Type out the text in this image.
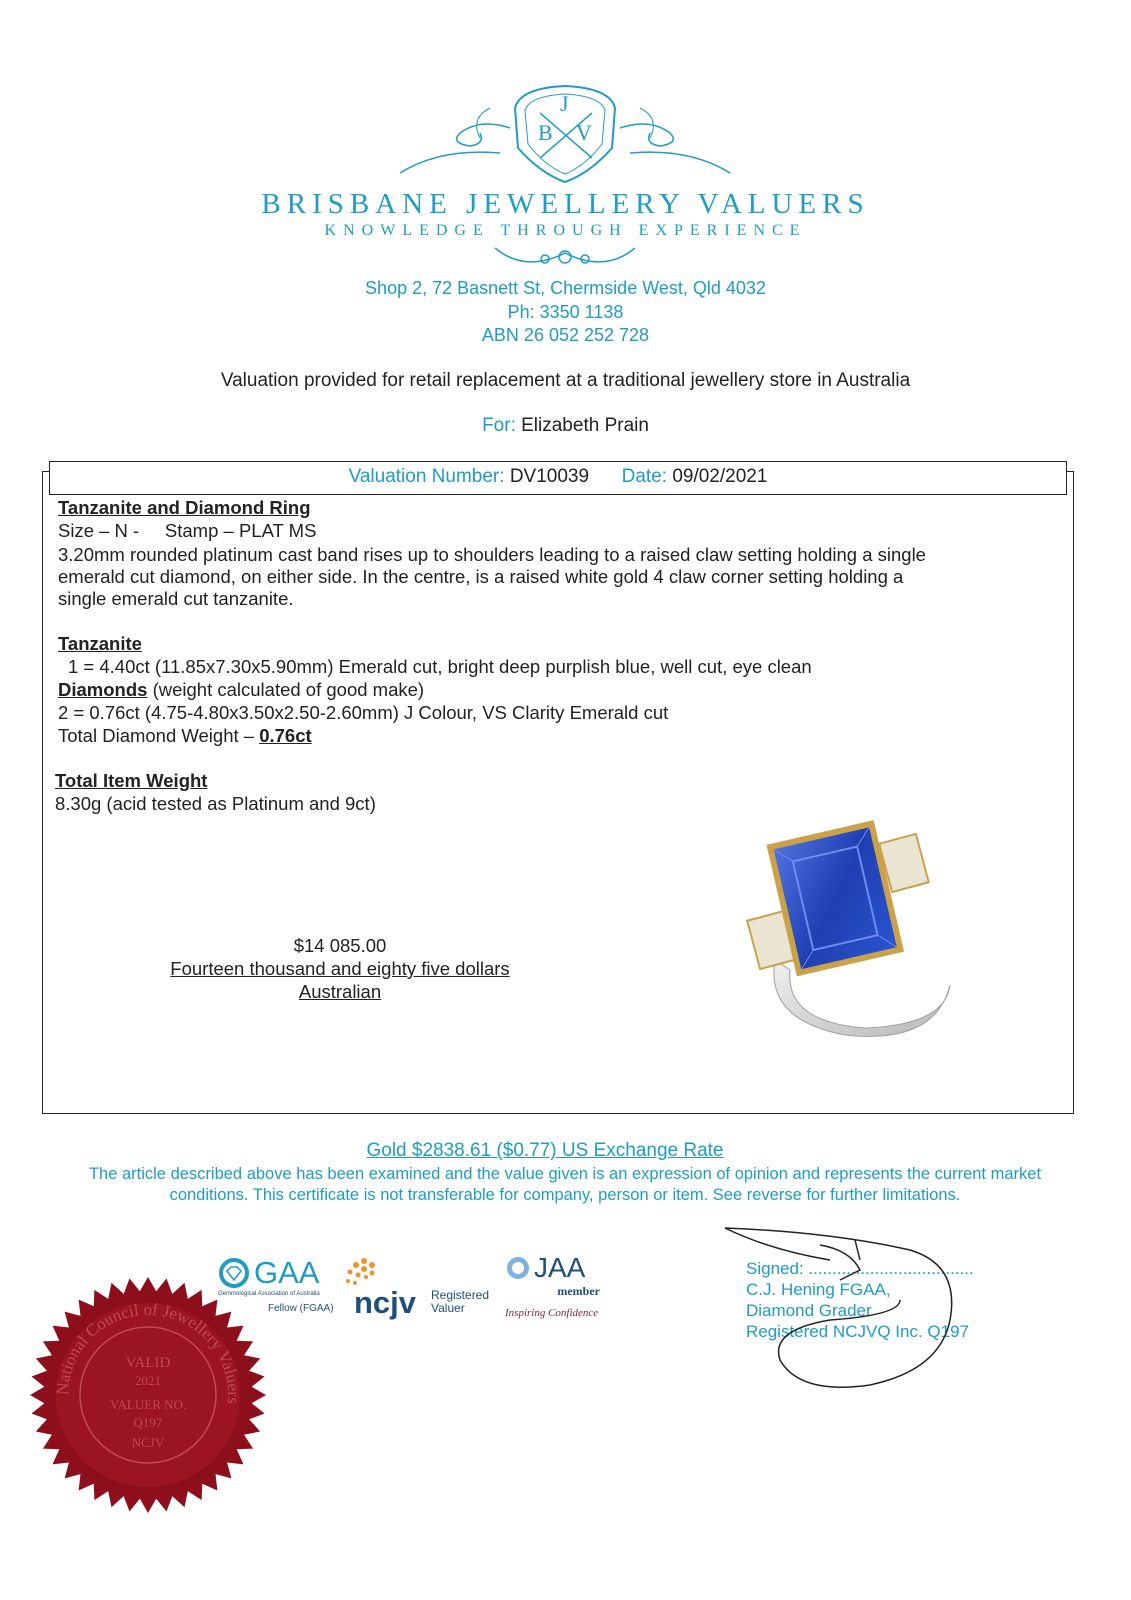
J
B V
BRISBANE JEWELLERY VALUERS
KNOWLEDGE THROUGH EXPERIENCE
Shop 2, 72 Basnett St, Chermside West, Qld 4032
Ph: 3350 1138
ABN 26 052 252 728
Valuation provided for retail replacement at a traditional jewellery store in Australia
For: Elizabeth Prain
Valuation Number: DV10039 Date: 09/02/2021
Tanzanite and Diamond Ring
Size – N -     Stamp – PLAT MS
3.20mm rounded platinum cast band rises up to shoulders leading to a raised claw setting holding a single
emerald cut diamond, on either side. In the centre, is a raised white gold 4 claw corner setting holding a
single emerald cut tanzanite.
Tanzanite
1 = 4.40ct (11.85x7.30x5.90mm) Emerald cut, bright deep purplish blue, well cut, eye clean
Diamonds (weight calculated of good make)
2 = 0.76ct (4.75-4.80x3.50x2.50-2.60mm) J Colour, VS Clarity Emerald cut
Total Diamond Weight – 0.76ct
Total Item Weight
8.30g (acid tested as Platinum and 9ct)
$14 085.00
Fourteen thousand and eighty five dollars
Australian
Gold $2838.61 ($0.77) US Exchange Rate
The article described above has been examined and the value given is an expression of opinion and represents the current market conditions. This certificate is not transferable for company, person or item. See reverse for further limitations.
GAA
Gemmological Association of Australia
Fellow (FGAA) ncjv Registered
Valuer
JAA
member
Inspiring Confidence
Signed: ...................................
C.J. Hening FGAA,
Diamond Grader
Registered NCJVQ Inc. Q197
National Council of Jewellery Valuers
VALID
2021
VALUER NO.
Q197
NCJV
